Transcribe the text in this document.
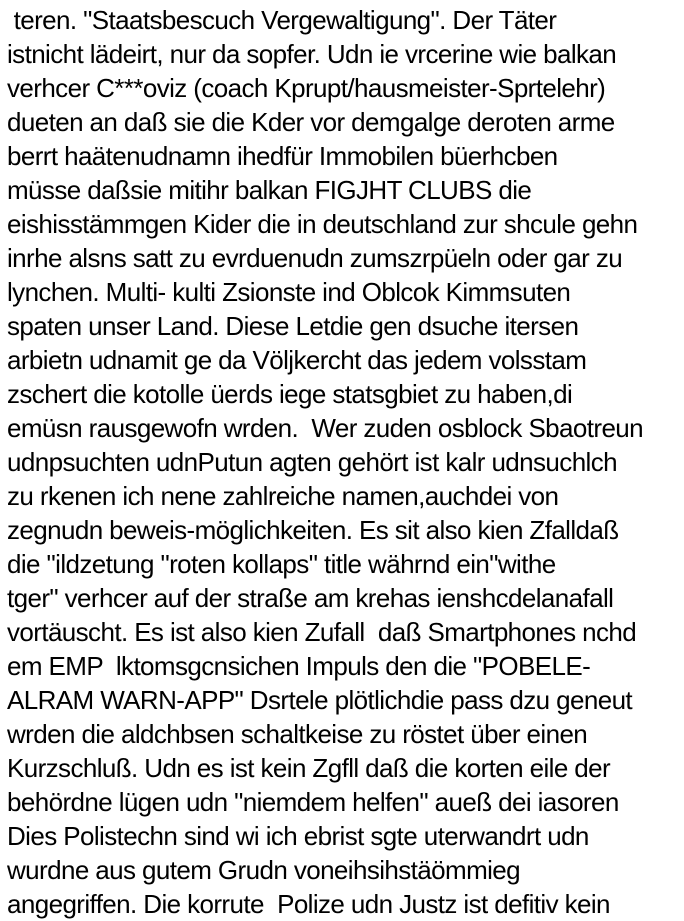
teren. "Staatsbescuch Vergewaltigung". Der Täter
istnicht lädeirt, nur da sopfer. Udn ie vrcerine wie balkan
verhcer C***oviz (coach Kprupt/hausmeister-Sprtelehr)
dueten an daß sie die Kder vor demgalge deroten arme
berrt haätenudnamn ihedfür Immobilen büerhcben
müsse daßsie mitihr balkan FIGJHT CLUBS die
eishisstämmgen Kider die in deutschland zur shcule gehn
inrhe alsns satt zu evrduenudn zumszrpüeln oder gar zu
lynchen. Multi- kulti Zsionste ind Oblcok Kimmsuten
spaten unser Land. Diese Letdie gen dsuche itersen
arbietn udnamit ge da Völjkercht das jedem volsstam
zschert die kotolle üerds iege statsgbiet zu haben,di
emüsn rausgewofn wrden.  Wer zuden osblock Sbaotreun
udnpsuchten udnPutun agten gehört ist kalr udnsuchlch
zu rkenen ich nene zahlreiche namen,auchdei von
zegnudn beweis-möglichkeiten. Es sit also kien Zfalldaß
die "ildzetung "roten kollaps" title währnd ein"withe
tger" verhcer auf der straße am krehas ienshcdelanafall
vortäuscht. Es ist also kien Zufall  daß Smartphones nchd
em EMP  lktomsgcnsichen Impuls den die "POBELE-
ALRAM WARN-APP" Dsrtele plötlichdie pass dzu geneut
wrden die aldchbsen schaltkeise zu röstet über einen
Kurzschluß. Udn es ist kein Zgfll daß die korten eile der
behördne lügen udn "niemdem helfen" aueß dei iasoren
Dies Polistechn sind wi ich ebrist sgte uterwandrt udn
wurdne aus gutem Grudn voneihsihstäömmieg
angegriffen. Die korrute  Polize udn Justz ist defitiv kein
